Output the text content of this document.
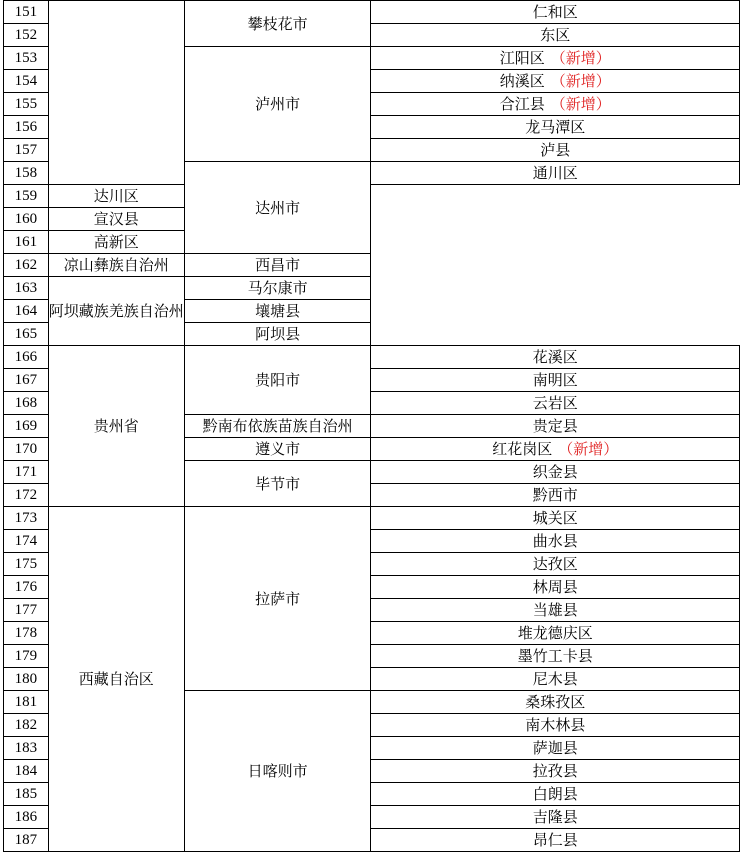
151		攀枝花市	仁和区
152			东区
153		泸州市	江阳区 （新增）
154			纳溪区 （新增）
155			合江县 （新增）
156			龙马潭区
157			泸县
158		达州市	通川区
159	达川区		
160	宣汉县		
161	高新区		
162	凉山彝族自治州	西昌市	
163	阿坝藏族羌族自治州	马尔康市	
164		壤塘县	
165		阿坝县	
166	贵州省	贵阳市	花溪区
167			南明区
168			云岩区
169		黔南布依族苗族自治州	贵定县
170		遵义市	红花岗区 （新增）
171		毕节市	织金县
172			黔西市
173	西藏自治区	拉萨市	城关区
174			曲水县
175			达孜区
176			林周县
177			当雄县
178			堆龙德庆区
179			墨竹工卡县
180			尼木县
181		日喀则市	桑珠孜区
182			南木林县
183			萨迦县
184			拉孜县
185			白朗县
186			吉隆县
187			昂仁县
